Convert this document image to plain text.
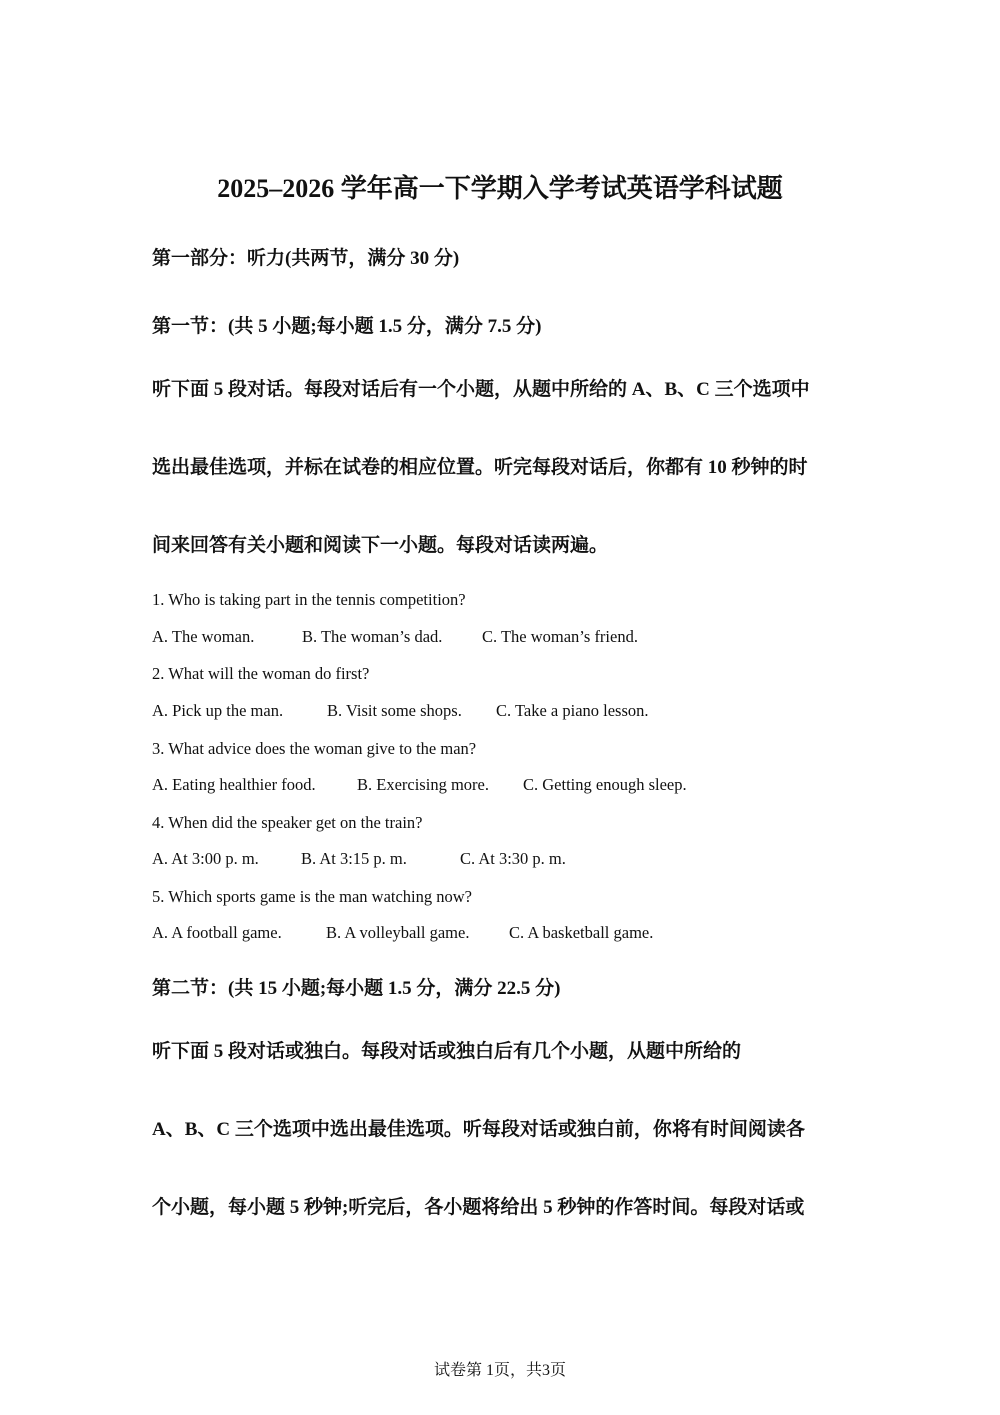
2025–2026 学年高一下学期入学考试英语学科试题
第一部分：听力(共两节，满分 30 分)
第一节：(共 5 小题;每小题 1.5 分，满分 7.5 分)
听下面 5 段对话。每段对话后有一个小题，从题中所给的 A、B、C 三个选项中
选出最佳选项，并标在试卷的相应位置。听完每段对话后，你都有 10 秒钟的时
间来回答有关小题和阅读下一小题。每段对话读两遍。
1. Who is taking part in the tennis competition?
A. The woman.	B. The woman’s dad. C. The woman’s friend.
2. What will the woman do first?
A. Pick up the man.	B. Visit some shops. C. Take a piano lesson.
3. What advice does the woman give to the man?
A. Eating healthier food.	B. Exercising more. C. Getting enough sleep.
4. When did the speaker get on the train?
A. At 3:00 p. m.	B. At 3:15 p. m.	C. At 3:30 p. m.
5. Which sports game is the man watching now?
A. A football game.	B. A volleyball game. C. A basketball game.
第二节：(共 15 小题;每小题 1.5 分，满分 22.5 分)
听下面 5 段对话或独白。每段对话或独白后有几个小题，从题中所给的
A、B、C 三个选项中选出最佳选项。听每段对话或独白前，你将有时间阅读各
个小题，每小题 5 秒钟;听完后，各小题将给出 5 秒钟的作答时间。每段对话或
试卷第 1页，共3页
